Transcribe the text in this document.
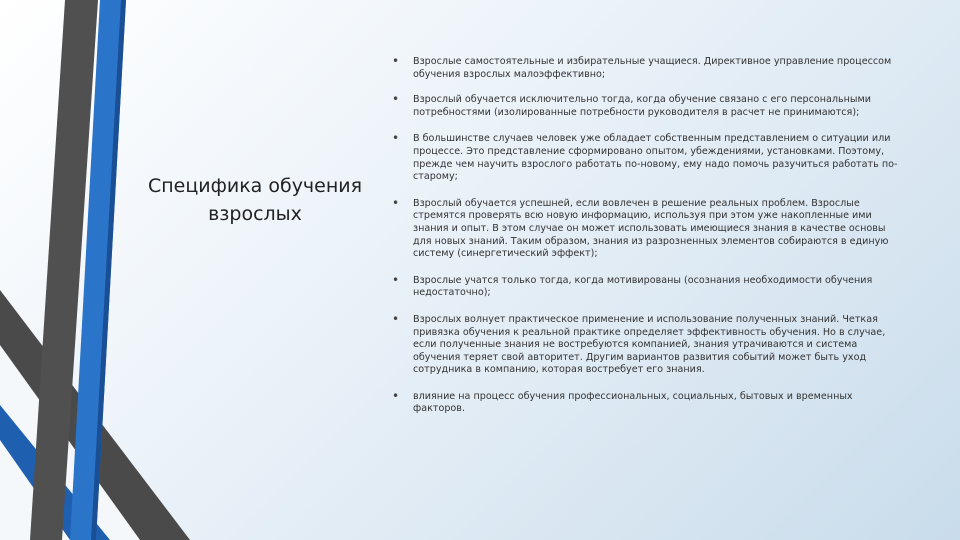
Специфика обучения взрослых
• Взрослые самостоятельные и избирательные учащиеся. Директивное управление процессом обучения взрослых малоэффективно;
• Взрослый обучается исключительно тогда, когда обучение связано с его персональными потребностями (изолированные потребности руководителя в расчет не принимаются);
• В большинстве случаев человек уже обладает собственным представлением о ситуации или процессе. Это представление сформировано опытом, убеждениями, установками. Поэтому, прежде чем научить взрослого работать по-новому, ему надо помочь разучиться работать по-старому;
• Взрослый обучается успешней, если вовлечен в решение реальных проблем. Взрослые стремятся проверять всю новую информацию, используя при этом уже накопленные ими знания и опыт. В этом случае он может использовать имеющиеся знания в качестве основы для новых знаний. Таким образом, знания из разрозненных элементов собираются в единую систему (синергетический эффект);
• Взрослые учатся только тогда, когда мотивированы (осознания необходимости обучения недостаточно);
• Взрослых волнует практическое применение и использование полученных знаний. Четкая привязка обучения к реальной практике определяет эффективность обучения. Но в случае, если полученные знания не востребуются компанией, знания утрачиваются и система обучения теряет свой авторитет. Другим вариантов развития событий может быть уход сотрудника в компанию, которая востребует его знания.
• влияние на процесс обучения профессиональных, социальных, бытовых и временных факторов.
